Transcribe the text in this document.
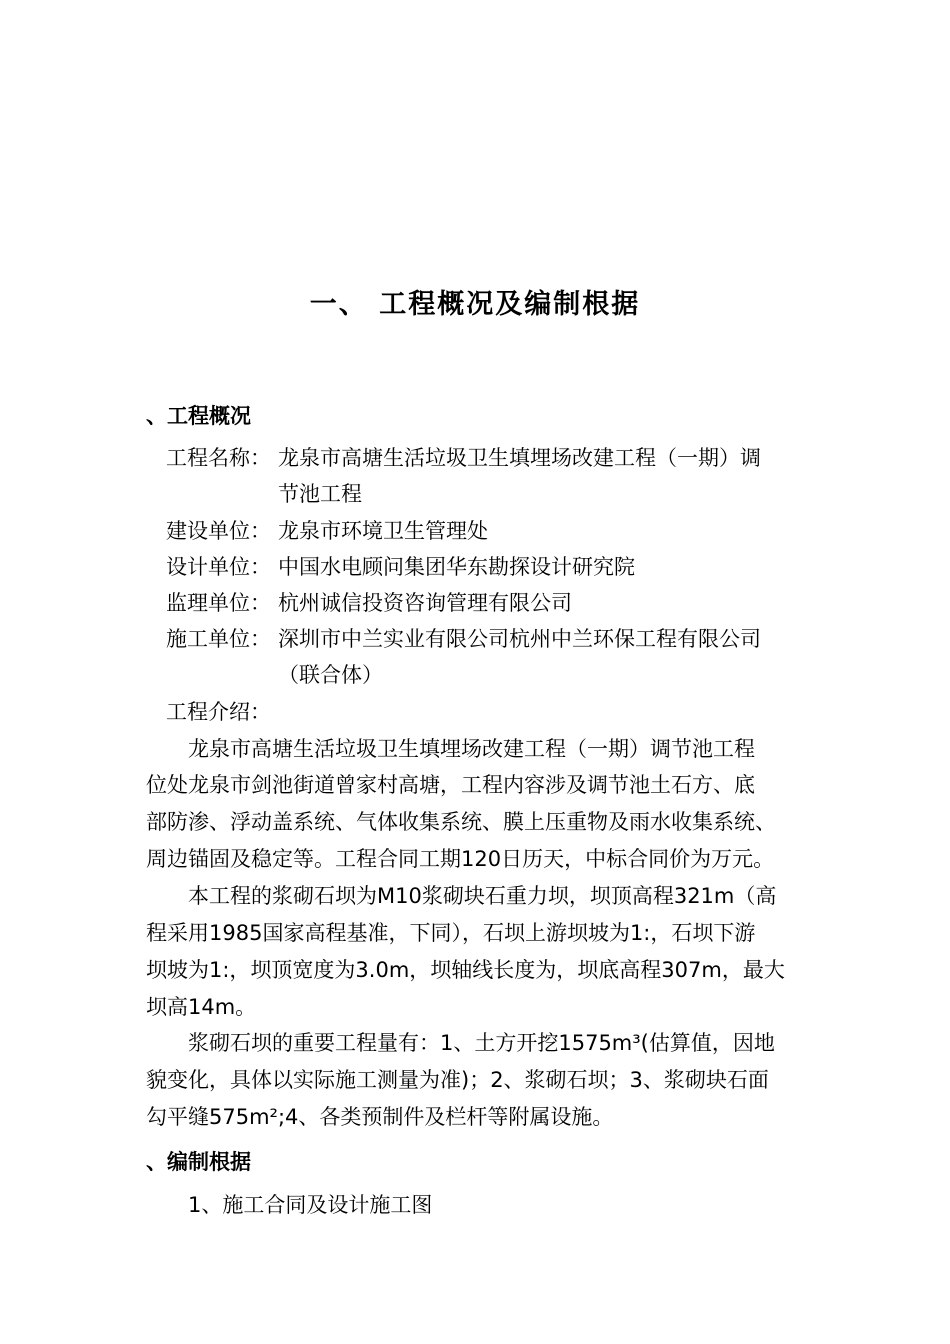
一、 工程概况及编制根据
、工程概况
工程名称： 龙泉市高塘生活垃圾卫生填埋场改建工程（一期）调
节池工程
建设单位： 龙泉市环境卫生管理处
设计单位： 中国水电顾问集团华东勘探设计研究院
监理单位： 杭州诚信投资咨询管理有限公司
施工单位： 深圳市中兰实业有限公司杭州中兰环保工程有限公司
（联合体）
工程介绍：
　　龙泉市高塘生活垃圾卫生填埋场改建工程（一期）调节池工程
位处龙泉市剑池街道曾家村高塘，工程内容涉及调节池土石方、底
部防渗、浮动盖系统、气体收集系统、膜上压重物及雨水收集系统、
周边锚固及稳定等。工程合同工期120日历天，中标合同价为万元。
　　本工程的浆砌石坝为M10浆砌块石重力坝，坝顶高程321m（高
程采用1985国家高程基准，下同），石坝上游坝坡为1:，石坝下游
坝坡为1:，坝顶宽度为3.0m，坝轴线长度为，坝底高程307m，最大
坝高14m。
　　浆砌石坝的重要工程量有：1、土方开挖1575m³(估算值，因地
貌变化，具体以实际施工测量为准)；2、浆砌石坝；3、浆砌块石面
勾平缝575m²;4、各类预制件及栏杆等附属设施。
、编制根据
1、施工合同及设计施工图
